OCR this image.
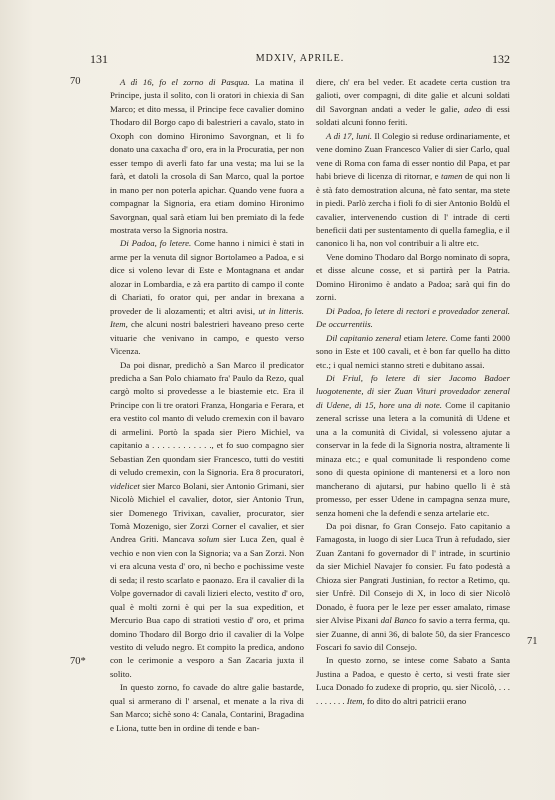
131	MDXIV, APRILE.	132
70
70*
71

A dì 16, fo el zorno di Pasqua. La matina il Principe, justa il solito, con li oratori in chiexia di San Marco; et dito messa, il Principe fece cavalier domino Thodaro dil Borgo capo di balestrieri a cavalo, stato in Oxoph con domino Hironimo Savorgnan, et li fo donato una caxacha d' oro, era in la Procuratia, per non esser tempo di averli fato far una vesta; ma lui se la farà, et datoli la crosola di San Marco, qual la portoe in mano per non poterla apichar. Quando vene fuora a compagnar la Signoria, era etiam domino Hironimo Savorgnan, qual sarà etiam lui ben premiato di la fede mostrata verso la Signoria nostra.

Di Padoa, fo letere. Come hanno i nimici è stati in arme per la venuta dil signor Bortolameo a Padoa, e si dice si voleno levar di Este e Montagnana et andar alozar in Lombardia, e zà era partito di campo il conte di Chariati, fo orator qui, per andar in brexana a proveder de li alozamenti; et altri avisi, ut in litteris. Item, che alcuni nostri balestrieri haveano preso certe vituarie che venivano in campo, e questo verso Vicenza.

Da poi disnar, predichò a San Marco il predicator predicha a San Polo chiamato fra' Paulo da Rezo, qual cargò molto si provedesse a le biastemie etc. Era il Principe con li tre oratori Franza, Hongaria e Ferara, et era vestito col manto di veludo cremexin con il bavaro di armelini. Portò la spada sier Piero Michiel, va capitanio a . . . . . . . . . . . ., et fo suo compagno sier Sebastian Zen quondam sier Francesco, tutti do vestiti di veludo cremexin, con la Signoria. Era 8 procuratori, videlicet sier Marco Bolani, sier Antonio Grimani, sier Nicolò Michiel el cavalier, dotor, sier Antonio Trun, sier Domenego Trivixan, cavalier, procurator, sier Tomà Mozenigo, sier Zorzi Corner el cavalier, et sier Andrea Griti. Mancava solum sier Luca Zen, qual è vechio e non vien con la Signoria; va a San Zorzi. Non vi era alcuna vesta d' oro, nì becho e pochissime veste di seda; il resto scarlato e paonazo. Era il cavalier di la Volpe governador di cavali lizieri electo, vestito d' oro, qual è molti zorni è qui per la sua expedition, et Mercurio Bua capo di stratioti vestio d' oro, et prima domino Thodaro dil Borgo drio il cavalier di la Volpe vestito di veludo negro. Et compito la predica, andono con le cerimonie a vesporo a San Zacaria juxta il solito.

In questo zorno, fo cavade do altre galie bastarde, qual si armerano di l' arsenal, et menate a la riva di San Marco; sichè sono 4: Canala, Contarini, Bragadina e Liona, tutte ben in ordine di tende e ban-

diere, ch' era bel veder. Et acadete certa custion tra galioti, over compagni, di dite galie et alcuni soldati dil Savorgnan andati a veder le galie, adeo di essi soldati alcuni fonno feriti.

A dì 17, luni. Il Colegio si reduse ordinariamente, et vene domino Zuan Francesco Valier di sier Carlo, qual vene di Roma con fama di esser nontio dil Papa, et par habi brieve di licenza di ritornar, e tamen de qui non li è stà fato demostration alcuna, nè fato sentar, ma stete in piedi. Parlò zercha i fioli fo di sier Antonio Boldù el cavalier, intervenendo custion di l' intrade di certi beneficii dati per sustentamento di quella fameglia, e il canonico li ha, non vol contribuir a li altre etc.

Vene domino Thodaro dal Borgo nominato di sopra, et disse alcune cosse, et si partirà per la Patria. Domino Hironimo è andato a Padoa; sarà qui fin do zorni.

Di Padoa, fo letere di rectori e provedador zeneral. De occurrentiis.

Dil capitanio zeneral etiam letere. Come fanti 2000 sono in Este et 100 cavali, et è bon far quello ha ditto etc.; i qual nemici stanno streti e dubitano assai.

Di Friul, fo letere di sier Jacomo Badoer luogotenente, di sier Zuan Vituri provedador zeneral di Udene, di 15, hore una di note. Come il capitanio zeneral scrisse una letera a la comunità di Udene et una a la comunità di Cividal, si volesseno ajutar a conservar in la fede di la Signoria nostra, altramente li minaza etc.; e qual comunitade li respondeno come sono di questa opinione di mantenersi et a loro non mancherano di ajutarsi, pur habino quello li è stà promesso, per esser Udene in campagna senza mure, senza homeni che la defendi e senza artelarie etc.

Da poi disnar, fo Gran Consejo. Fato capitanio a Famagosta, in luogo di sier Luca Trun à refudado, sier Zuan Zantani fo governador di l' intrade, in scurtinio da sier Michiel Navajer fo consier. Fu fato podestà a Chioza sier Pangrati Justinian, fo rector a Retimo, qu. sier Unfrè. Dil Consejo di X, in loco di sier Nicolò Donado, è fuora per le leze per esser amalato, rimase sier Alvise Pixani dal Banco fo savio a terra ferma, qu. sier Zuanne, di anni 36, di balote 50, da sier Francesco Foscari fo savio dil Consejo.

In questo zorno, se intese come Sabato a Santa Justina a Padoa, e questo è certo, si vesti frate sier Luca Donado fo zudexe di proprio, qu. sier Nicolò, . . . . . . . . . . Item, fo dito do altri patricii erano
